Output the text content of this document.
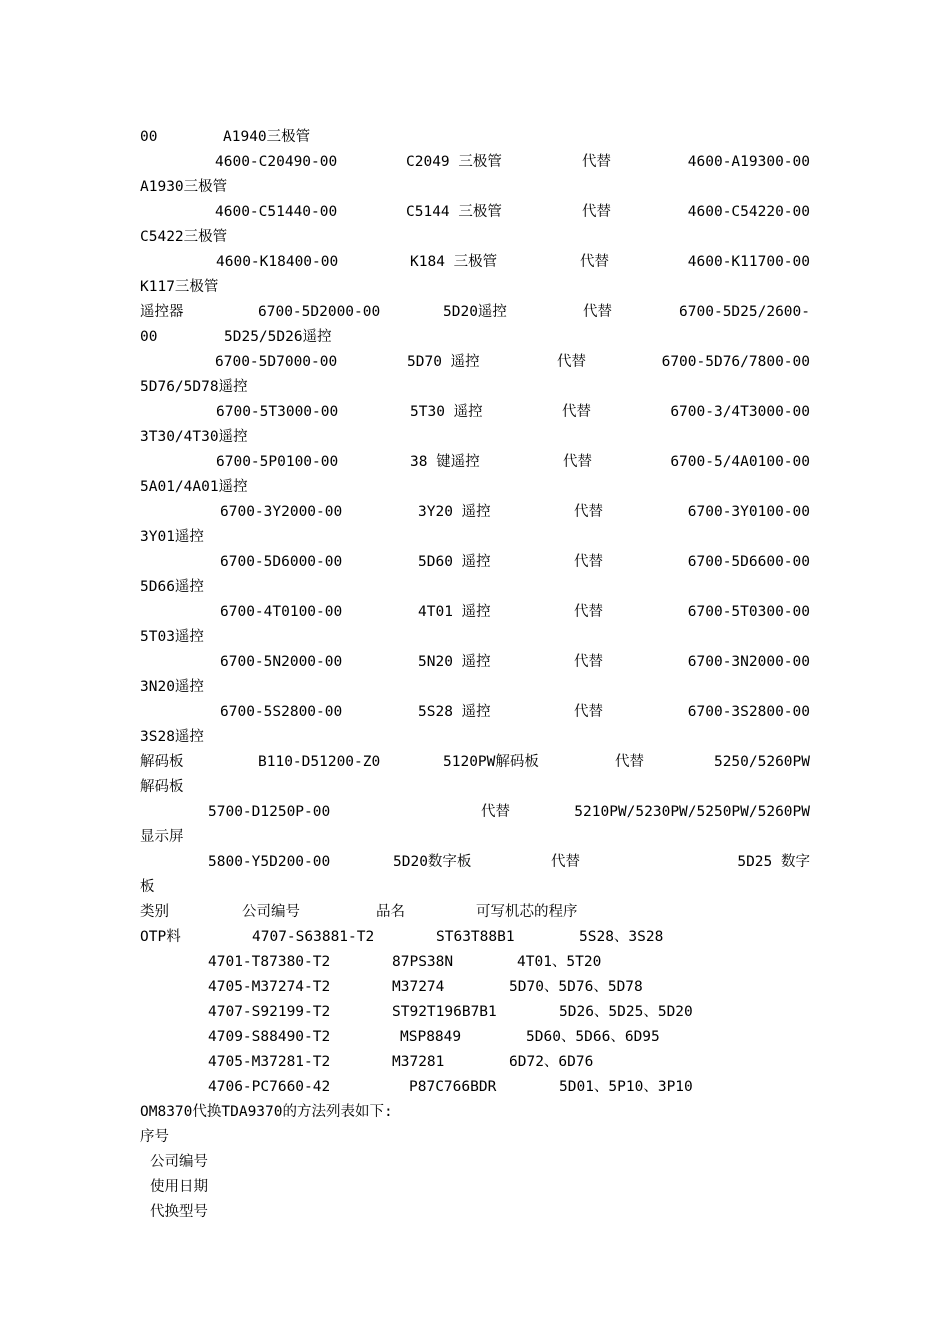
00	A1940三极管
4600-C20490-00	C2049 三极管	代替	4600-A19300-00
A1930三极管
4600-C51440-00	C5144 三极管	代替	4600-C54220-00
C5422三极管
4600-K18400-00	K184 三极管	代替	4600-K11700-00
K117三极管
遥控器	6700-5D2000-00	5D20遥控	代替	6700-5D25/2600-
00	5D25/5D26遥控
6700-5D7000-00	5D70 遥控	代替	6700-5D76/7800-00
5D76/5D78遥控
6700-5T3000-00	5T30 遥控	代替	6700-3/4T3000-00
3T30/4T30遥控
6700-5P0100-00	38 键遥控	代替	6700-5/4A0100-00
5A01/4A01遥控
6700-3Y2000-00	3Y20 遥控	代替	6700-3Y0100-00
3Y01遥控
6700-5D6000-00	5D60 遥控	代替	6700-5D6600-00
5D66遥控
6700-4T0100-00	4T01 遥控	代替	6700-5T0300-00
5T03遥控
6700-5N2000-00	5N20 遥控	代替	6700-3N2000-00
3N20遥控
6700-5S2800-00	5S28 遥控	代替	6700-3S2800-00
3S28遥控
解码板	B110-D51200-Z0	5120PW解码板	代替	5250/5260PW
解码板
5700-D1250P-00	代替	5210PW/5230PW/5250PW/5260PW
显示屏
5800-Y5D200-00	5D20数字板	代替	5D25 数字
板
类别	公司编号	品名	可写机芯的程序
OTP料	4707-S63881-T2	ST63T88B1	5S28、3S28
4701-T87380-T2	87PS38N	4T01、5T20
4705-M37274-T2	M37274	5D70、5D76、5D78
4707-S92199-T2	ST92T196B7B1	5D26、5D25、5D20
4709-S88490-T2	MSP8849	5D60、5D66、6D95
4705-M37281-T2	M37281	6D72、6D76
4706-PC7660-42	P87C766BDR	5D01、5P10、3P10
OM8370代换TDA9370的方法列表如下:
序号
公司编号
使用日期
代换型号
